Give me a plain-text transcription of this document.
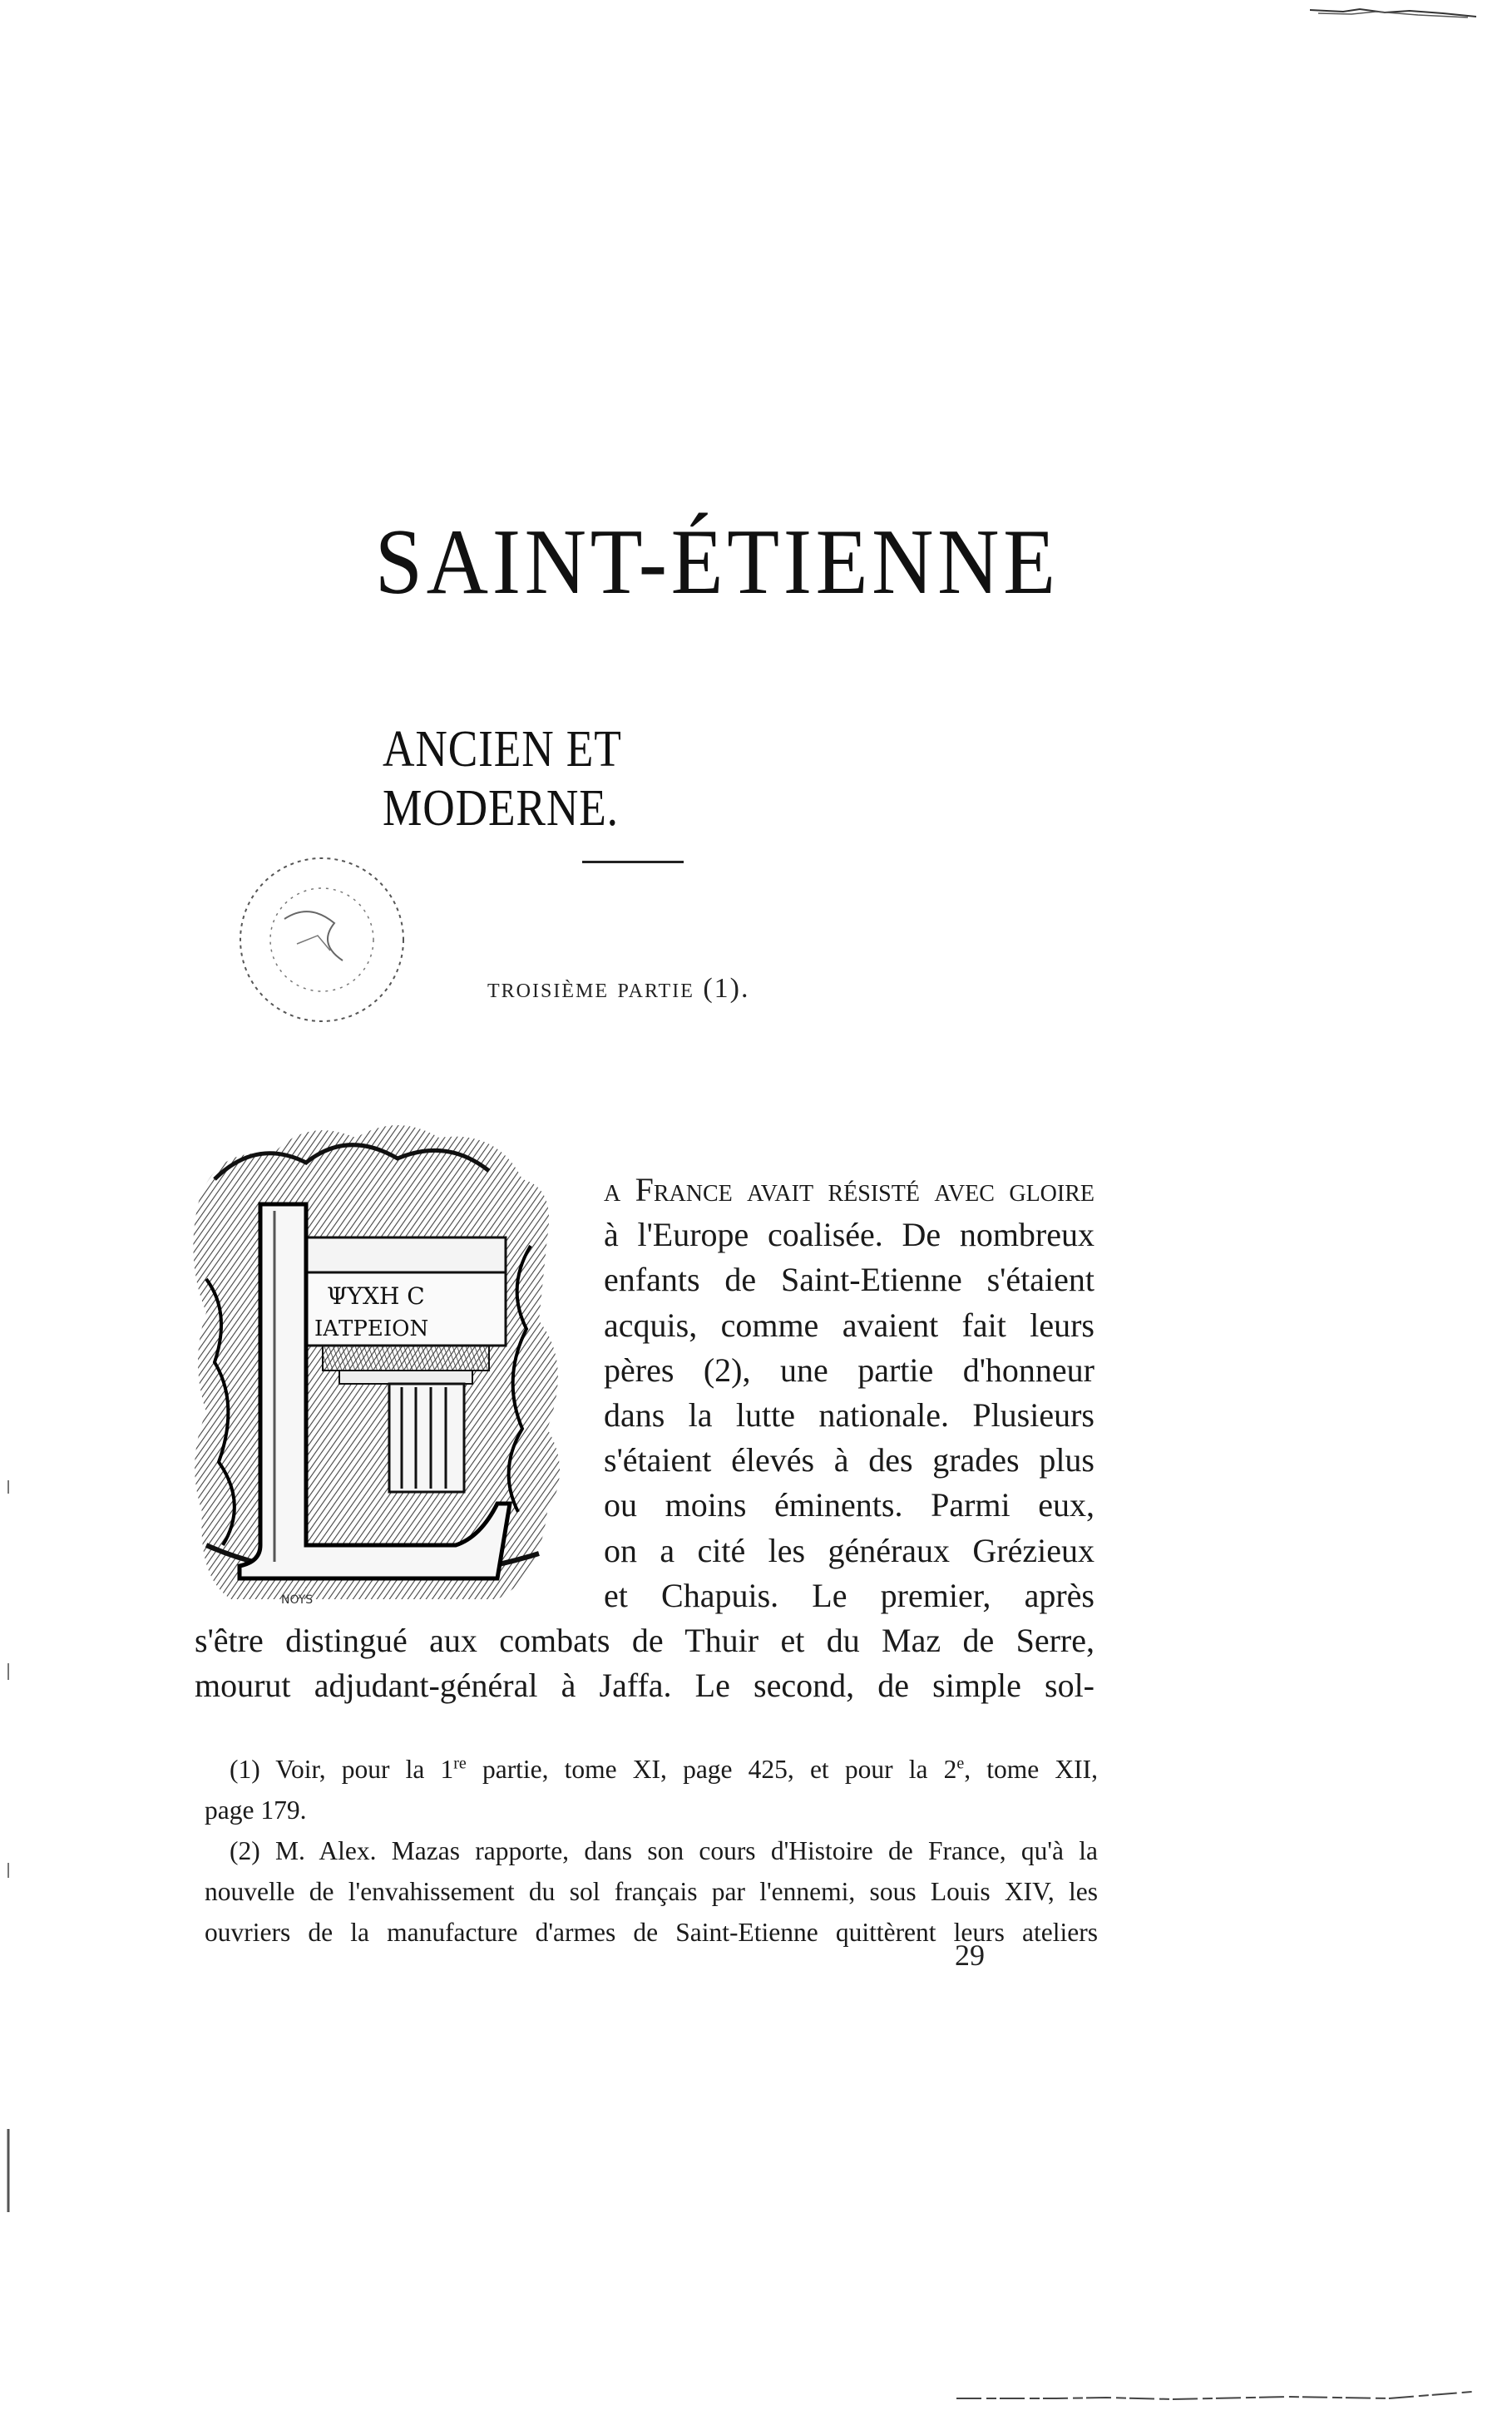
SAINT-ÉTIENNE
ANCIEN ET MODERNE.
troisième partie (1).
ΨΥΧΗ C
ΙΑΤΡΕΙΟΝ
L
NOYS
a France avait résisté avec gloire
à l'Europe coalisée. De nombreux
enfants de Saint-Etienne s'étaient
acquis, comme avaient fait leurs
pères (2), une partie d'honneur
dans la lutte nationale. Plusieurs
s'étaient élevés à des grades plus
ou moins éminents. Parmi eux,
on a cité les généraux Grézieux
et Chapuis. Le premier, après
s'être distingué aux combats de Thuir et du Maz de Serre,
mourut adjudant-général à Jaffa. Le second, de simple sol-
(1) Voir, pour la 1re partie, tome XI, page 425, et pour la 2e, tome XII,
page 179.
(2) M. Alex. Mazas rapporte, dans son cours d'Histoire de France, qu'à la
nouvelle de l'envahissement du sol français par l'ennemi, sous Louis XIV, les
ouvriers de la manufacture d'armes de Saint-Etienne quittèrent leurs ateliers
29
